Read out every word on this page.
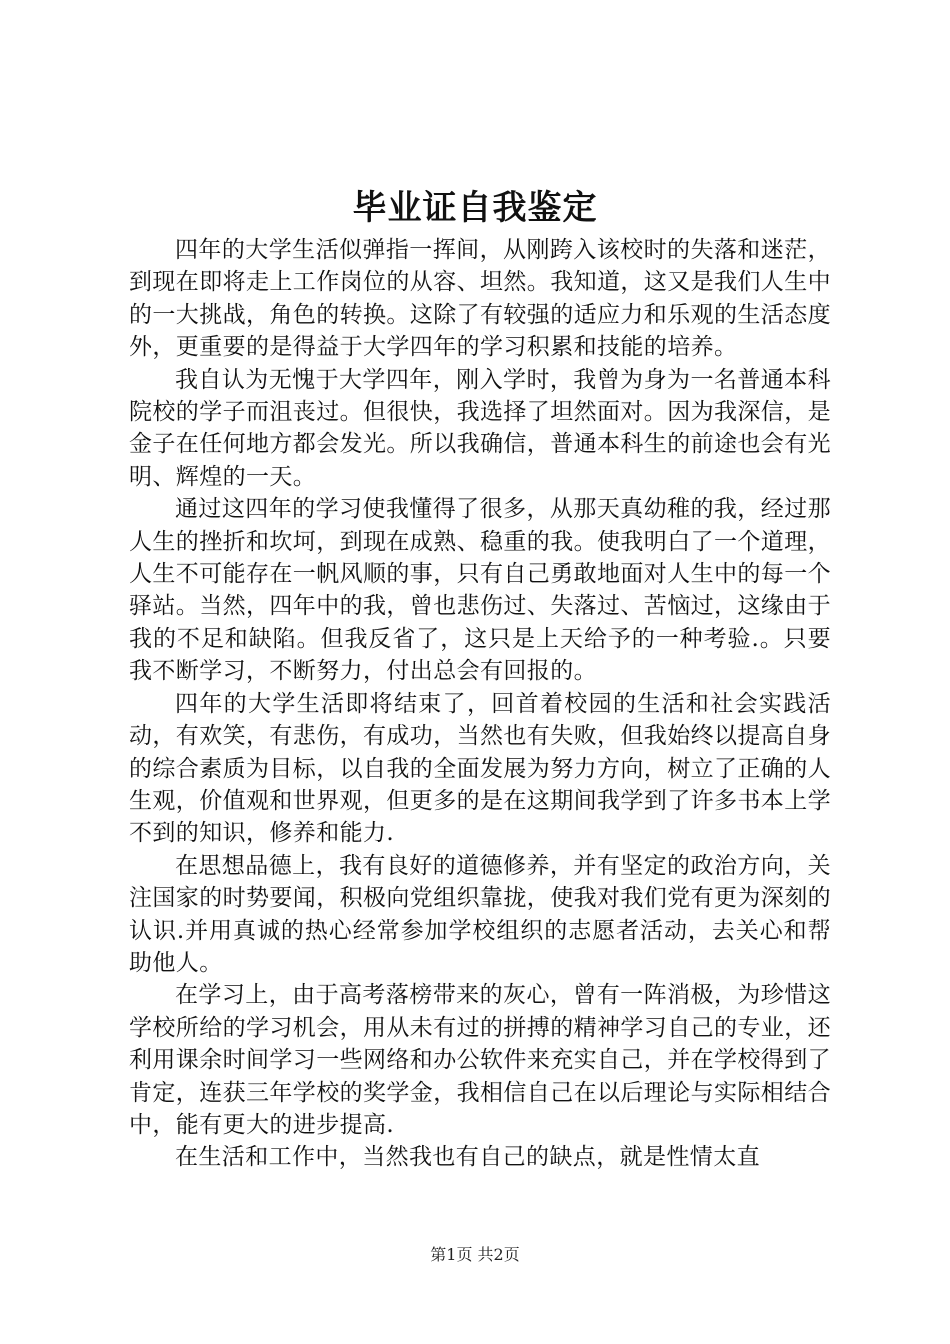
毕业证自我鉴定

四年的大学生活似弹指一挥间，从刚跨入该校时的失落和迷茫，到现在即将走上工作岗位的从容、坦然。我知道，这又是我们人生中的一大挑战，角色的转换。这除了有较强的适应力和乐观的生活态度外，更重要的是得益于大学四年的学习积累和技能的培养。

我自认为无愧于大学四年，刚入学时，我曾为身为一名普通本科院校的学子而沮丧过。但很快，我选择了坦然面对。因为我深信，是金子在任何地方都会发光。所以我确信，普通本科生的前途也会有光明、辉煌的一天。

通过这四年的学习使我懂得了很多，从那天真幼稚的我，经过那人生的挫折和坎坷，到现在成熟、稳重的我。使我明白了一个道理，人生不可能存在一帆风顺的事，只有自己勇敢地面对人生中的每一个驿站。当然，四年中的我，曾也悲伤过、失落过、苦恼过，这缘由于我的不足和缺陷。但我反省了，这只是上天给予的一种考验.。只要我不断学习，不断努力，付出总会有回报的。

四年的大学生活即将结束了，回首着校园的生活和社会实践活动，有欢笑，有悲伤，有成功，当然也有失败，但我始终以提高自身的综合素质为目标，以自我的全面发展为努力方向，树立了正确的人生观，价值观和世界观，但更多的是在这期间我学到了许多书本上学不到的知识，修养和能力.

在思想品德上，我有良好的道德修养，并有坚定的政治方向，关注国家的时势要闻，积极向党组织靠拢，使我对我们党有更为深刻的认识.并用真诚的热心经常参加学校组织的志愿者活动，去关心和帮助他人。

在学习上，由于高考落榜带来的灰心，曾有一阵消极，为珍惜这学校所给的学习机会，用从未有过的拼搏的精神学习自己的专业，还利用课余时间学习一些网络和办公软件来充实自己，并在学校得到了肯定，连获三年学校的奖学金，我相信自己在以后理论与实际相结合中，能有更大的进步提高.

在生活和工作中，当然我也有自己的缺点，就是性情太直

第1页 共2页
